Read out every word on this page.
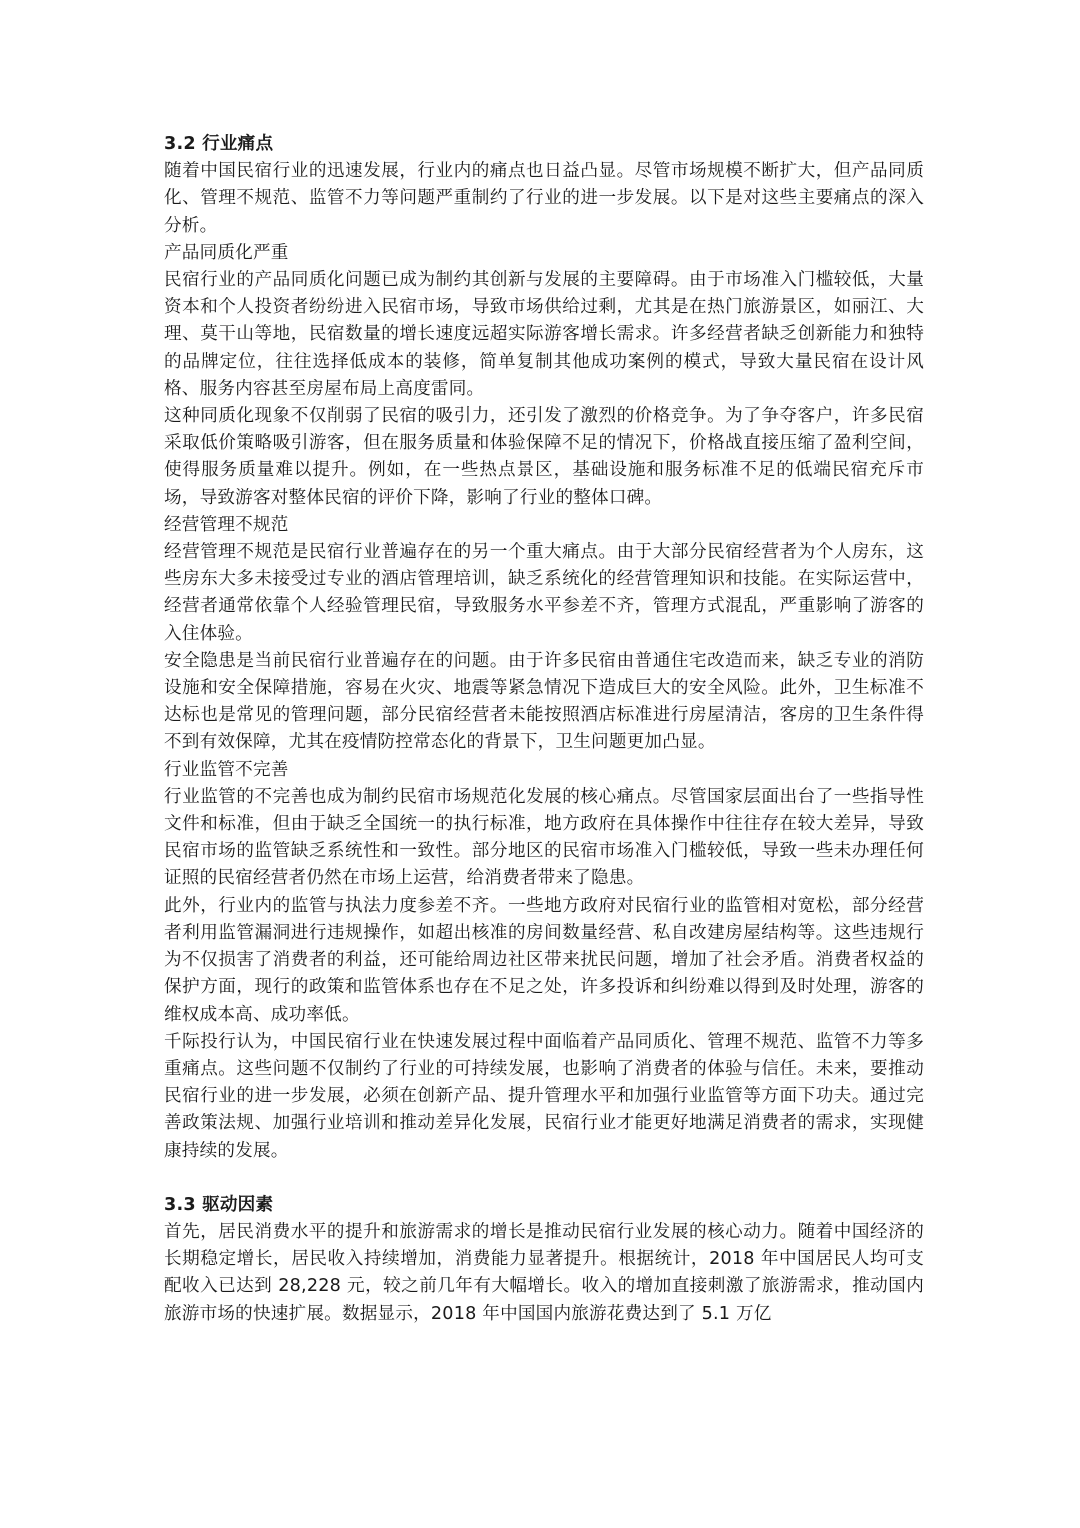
3.2 行业痛点

随着中国民宿行业的迅速发展，行业内的痛点也日益凸显。尽管市场规模不断扩大，但产品同质化、管理不规范、监管不力等问题严重制约了行业的进一步发展。以下是对这些主要痛点的深入分析。

产品同质化严重

民宿行业的产品同质化问题已成为制约其创新与发展的主要障碍。由于市场准入门槛较低，大量资本和个人投资者纷纷进入民宿市场，导致市场供给过剩，尤其是在热门旅游景区，如丽江、大理、莫干山等地，民宿数量的增长速度远超实际游客增长需求。许多经营者缺乏创新能力和独特的品牌定位，往往选择低成本的装修，简单复制其他成功案例的模式，导致大量民宿在设计风格、服务内容甚至房屋布局上高度雷同。

这种同质化现象不仅削弱了民宿的吸引力，还引发了激烈的价格竞争。为了争夺客户，许多民宿采取低价策略吸引游客，但在服务质量和体验保障不足的情况下，价格战直接压缩了盈利空间，使得服务质量难以提升。例如，在一些热点景区，基础设施和服务标准不足的低端民宿充斥市场，导致游客对整体民宿的评价下降，影响了行业的整体口碑。

经营管理不规范

经营管理不规范是民宿行业普遍存在的另一个重大痛点。由于大部分民宿经营者为个人房东，这些房东大多未接受过专业的酒店管理培训，缺乏系统化的经营管理知识和技能。在实际运营中，经营者通常依靠个人经验管理民宿，导致服务水平参差不齐，管理方式混乱，严重影响了游客的入住体验。

安全隐患是当前民宿行业普遍存在的问题。由于许多民宿由普通住宅改造而来，缺乏专业的消防设施和安全保障措施，容易在火灾、地震等紧急情况下造成巨大的安全风险。此外，卫生标准不达标也是常见的管理问题，部分民宿经营者未能按照酒店标准进行房屋清洁，客房的卫生条件得不到有效保障，尤其在疫情防控常态化的背景下，卫生问题更加凸显。

行业监管不完善

行业监管的不完善也成为制约民宿市场规范化发展的核心痛点。尽管国家层面出台了一些指导性文件和标准，但由于缺乏全国统一的执行标准，地方政府在具体操作中往往存在较大差异，导致民宿市场的监管缺乏系统性和一致性。部分地区的民宿市场准入门槛较低，导致一些未办理任何证照的民宿经营者仍然在市场上运营，给消费者带来了隐患。

此外，行业内的监管与执法力度参差不齐。一些地方政府对民宿行业的监管相对宽松，部分经营者利用监管漏洞进行违规操作，如超出核准的房间数量经营、私自改建房屋结构等。这些违规行为不仅损害了消费者的利益，还可能给周边社区带来扰民问题，增加了社会矛盾。消费者权益的保护方面，现行的政策和监管体系也存在不足之处，许多投诉和纠纷难以得到及时处理，游客的维权成本高、成功率低。

千际投行认为，中国民宿行业在快速发展过程中面临着产品同质化、管理不规范、监管不力等多重痛点。这些问题不仅制约了行业的可持续发展，也影响了消费者的体验与信任。未来，要推动民宿行业的进一步发展，必须在创新产品、提升管理水平和加强行业监管等方面下功夫。通过完善政策法规、加强行业培训和推动差异化发展，民宿行业才能更好地满足消费者的需求，实现健康持续的发展。

3.3 驱动因素

首先，居民消费水平的提升和旅游需求的增长是推动民宿行业发展的核心动力。随着中国经济的长期稳定增长，居民收入持续增加，消费能力显著提升。根据统计，2018 年中国居民人均可支配收入已达到 28,228 元，较之前几年有大幅增长。收入的增加直接刺激了旅游需求，推动国内旅游市场的快速扩展。数据显示，2018 年中国国内旅游花费达到了 5.1 万亿
